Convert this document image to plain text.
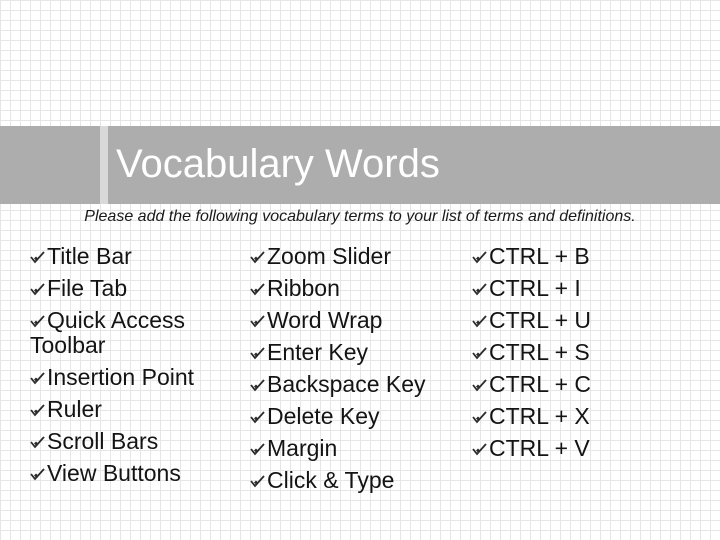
Vocabulary Words
Please add the following vocabulary terms to your list of terms and definitions.
Title Bar
File Tab
Quick Access Toolbar
Insertion Point
Ruler
Scroll Bars
View Buttons
Zoom Slider
Ribbon
Word Wrap
Enter Key
Backspace Key
Delete Key
Margin
Click & Type
CTRL + B
CTRL + I
CTRL + U
CTRL + S
CTRL + C
CTRL + X
CTRL + V
